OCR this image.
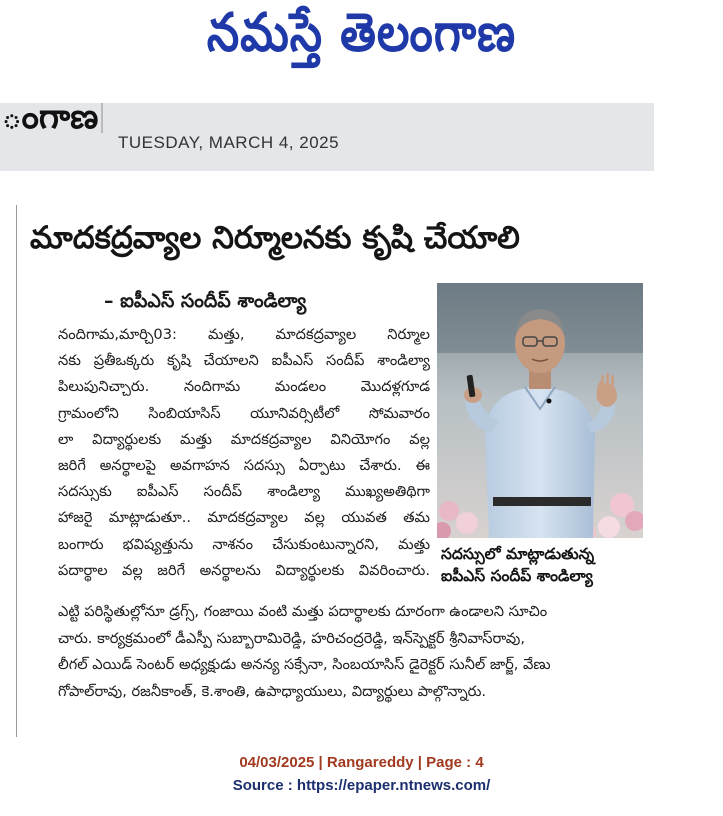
నమస్తే తెలంగాణ
ంగాణ
TUESDAY, MARCH 4, 2025
మాదకద్రవ్యాల నిర్మూలనకు కృషి చేయాలి
– ఐపీఎస్‌ సందీప్‌ శాండిల్యా
సదస్సులో మాట్లాడుతున్న
ఐపీఎస్ సందీప్ శాండిల్యా
నందిగామ,మార్చి03: మత్తు, మాదకద్రవ్యాల నిర్మూల
నకు ప్రతీఒక్కరు కృషి చేయాలని ఐపీఎస్ సందీప్ శాండిల్యా
పిలుపునిచ్చారు. నందిగామ మండలం మొదళ్లగూడ
గ్రామంలోని సింబియాసిస్ యూనివర్సిటీలో సోమవారం
లా విద్యార్థులకు మత్తు మాదకద్రవ్యాల వినియోగం వల్ల
జరిగే అనర్థాలపై అవగాహన సదస్సు ఏర్పాటు చేశారు. ఈ
సదస్సుకు ఐపీఎస్ సందీప్ శాండిల్యా ముఖ్యఅతిథిగా
హాజరై మాట్లాడుతూ.. మాదకద్రవ్యాల వల్ల యువత తమ
బంగారు భవిష్యత్తును నాశనం చేసుకుంటున్నారని, మత్తు
పదార్థాల వల్ల జరిగే అనర్థాలను విద్యార్థులకు వివరించారు.
ఎట్టి పరిస్థితుల్లోనూ డ్రగ్స్, గంజాయి వంటి మత్తు పదార్థాలకు దూరంగా ఉండాలని సూచిం
చారు. కార్యక్రమంలో డీఎస్పీ సుబ్బారామిరెడ్డి, హరిచంద్రరెడ్డి, ఇన్‌స్పెక్టర్ శ్రీనివాస్‌రావు,
లీగల్ ఎయిడ్ సెంటర్ అధ్యక్షుడు అనన్య సక్సేనా, సింబయాసిస్ డైరెక్టర్ సునీల్ జార్జ్, వేణు
గోపాల్‌రావు, రజనీకాంత్, కె.శాంతి, ఉపాధ్యాయులు, విద్యార్థులు పాల్గొన్నారు.
04/03/2025 | Rangareddy | Page : 4
Source : https://epaper.ntnews.com/
